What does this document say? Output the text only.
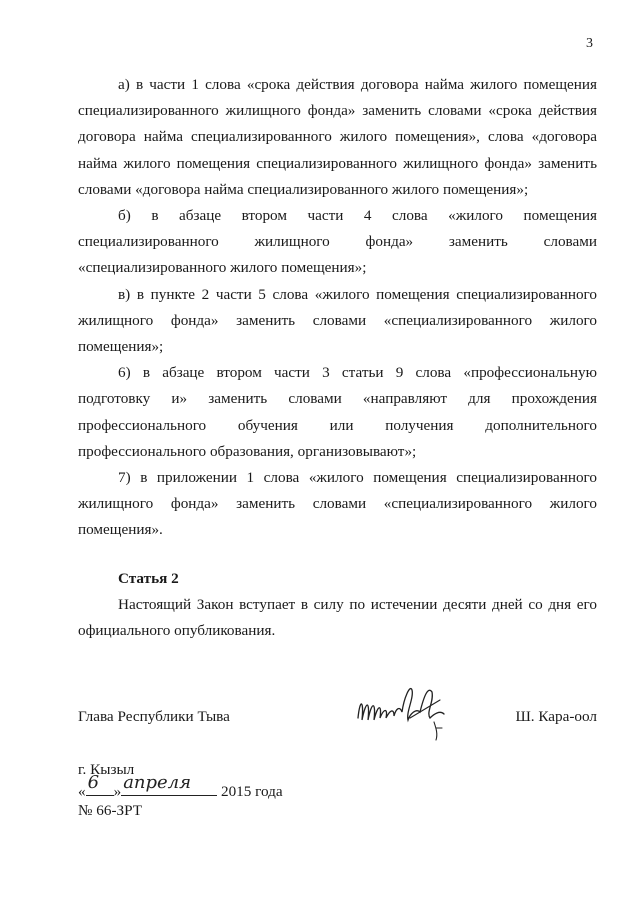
3

а) в части 1 слова «срока действия договора найма жилого помещения специализированного жилищного фонда» заменить словами «срока действия договора найма специализированного жилого помещения», слова «договора найма жилого помещения специализированного жилищного фонда» заменить словами «договора найма специализированного жилого помещения»;

б) в абзаце втором части 4 слова «жилого помещения специализированного жилищного фонда» заменить словами «специализированного жилого помещения»;

в) в пункте 2 части 5 слова «жилого помещения специализированного жилищного фонда» заменить словами «специализированного жилого помещения»;

6) в абзаце втором части 3 статьи 9 слова «профессиональную подготовку и» заменить словами «направляют для прохождения профессионального обучения или получения дополнительного профессионального образования, организовывают»;

7) в приложении 1 слова «жилого помещения специализированного жилищного фонда» заменить словами «специализированного жилого помещения».

Статья 2

Настоящий Закон вступает в силу по истечении десяти дней со дня его официального опубликования.

Глава Республики Тыва	Ш. Кара-оол
г. Кызыл
« 6 » апреля 2015 года
№ 66-ЗРТ
